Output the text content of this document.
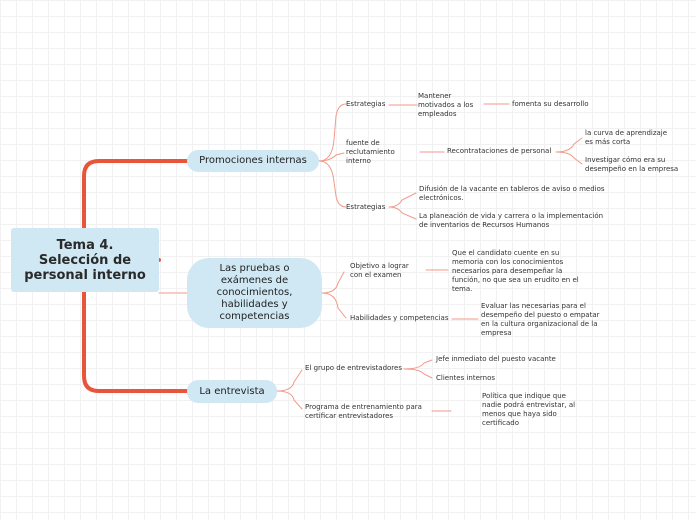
Tema 4.
Selección de
personal interno
Promociones internas
Las pruebas o
exámenes de
conocimientos,
habilidades y
competencias
La entrevista
Estrategias
Mantener
motivados a los
empleados
fomenta su desarrollo
fuente de
reclutamiento
interno
Recontrataciones de personal
la curva de aprendizaje
es más corta
Investigar cómo era su
desempeño en la empresa
Estrategias
Difusión de la vacante en tableros de aviso o medios
electrónicos.
La planeación de vida y carrera o la implementación
de inventarios de Recursos Humanos
Objetivo a lograr
con el examen
Que el candidato cuente en su
memoria con los conocimientos
necesarios para desempeñar la
función, no que sea un erudito en el
tema.
Habilidades y competencias
Evaluar las necesarias para el
desempeño del puesto o empatar
en la cultura organizacional de la
empresa
El grupo de entrevistadores
Jefe inmediato del puesto vacante
Clientes internos
Programa de entrenamiento para
certificar entrevistadores
Política que indique que
nadie podrá entrevistar, al
menos que haya sido
certificado
